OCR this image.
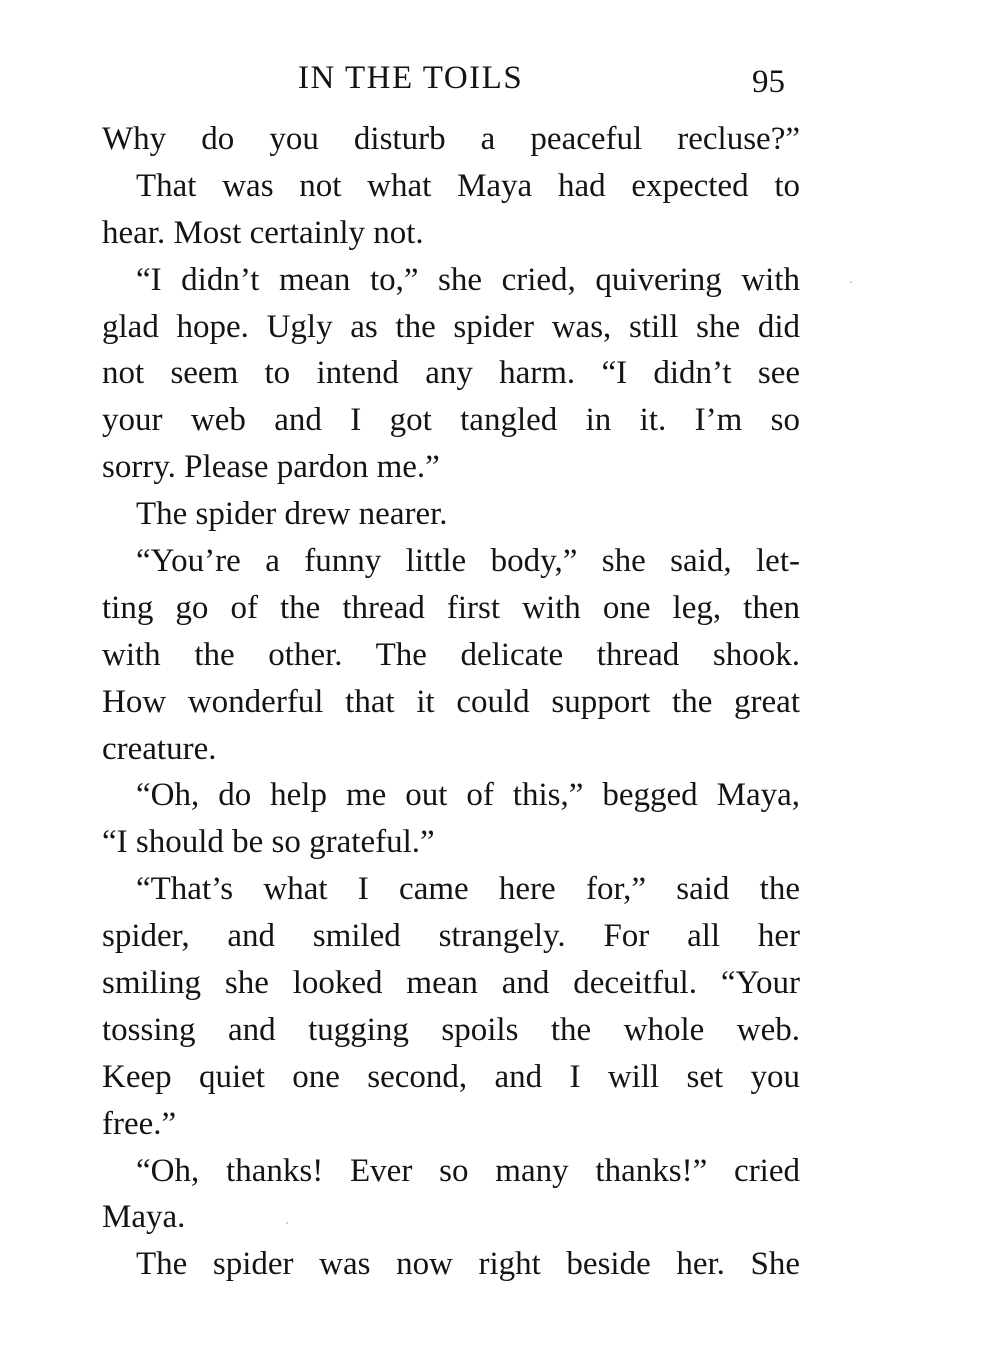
IN THE TOILS	95
Why do you disturb a peaceful recluse?”
That was not what Maya had expected to
hear. Most certainly not.
“I didn’t mean to,” she cried, quivering with
glad hope. Ugly as the spider was, still she did
not seem to intend any harm. “I didn’t see
your web and I got tangled in it. I’m so
sorry. Please pardon me.”
The spider drew nearer.
“You’re a funny little body,” she said, let-
ting go of the thread first with one leg, then
with the other. The delicate thread shook.
How wonderful that it could support the great
creature.
“Oh, do help me out of this,” begged Maya,
“I should be so grateful.”
“That’s what I came here for,” said the
spider, and smiled strangely. For all her
smiling she looked mean and deceitful. “Your
tossing and tugging spoils the whole web.
Keep quiet one second, and I will set you
free.”
“Oh, thanks! Ever so many thanks!” cried
Maya.
The spider was now right beside her. She
